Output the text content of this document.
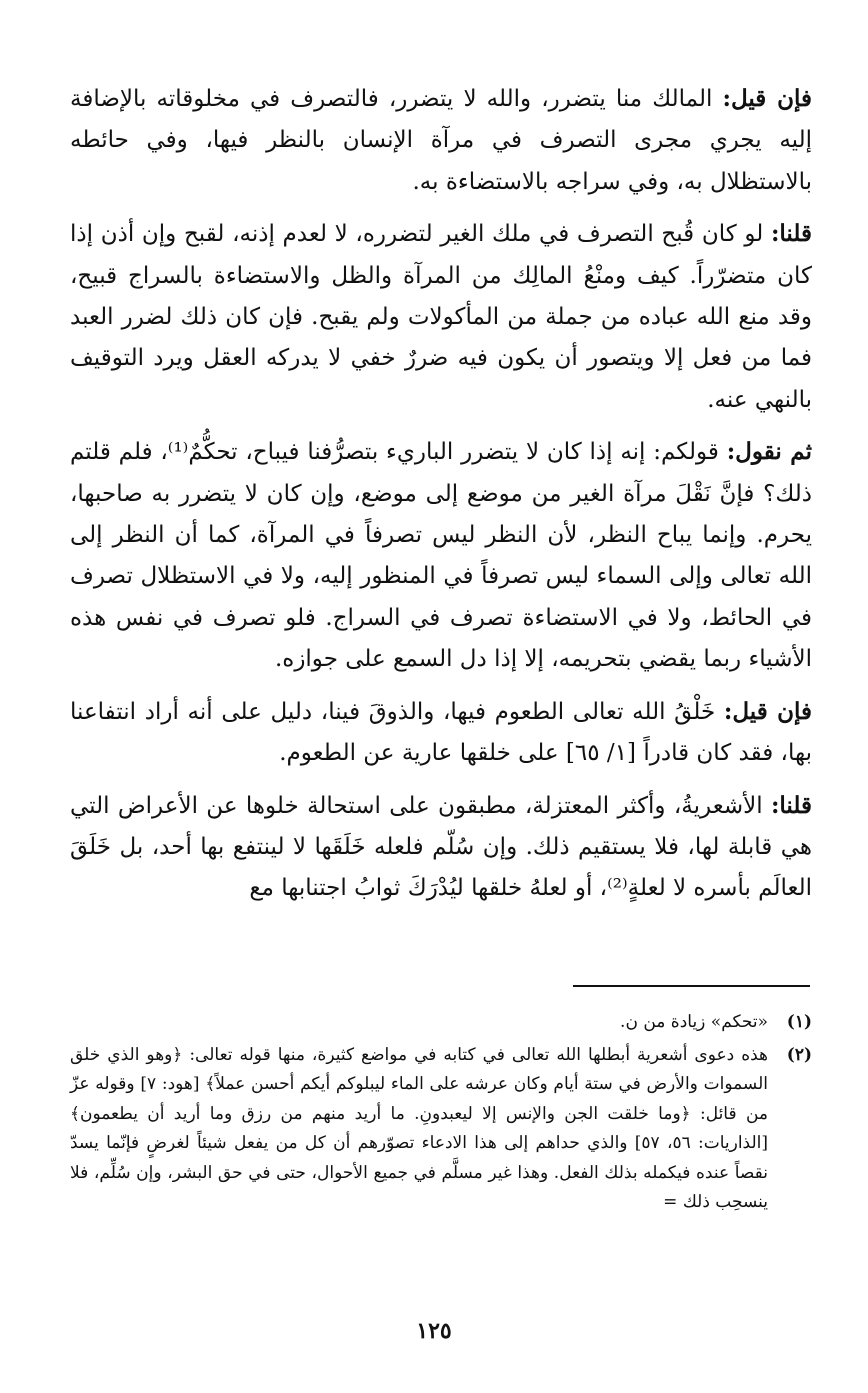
فإن قيل: المالك منا يتضرر، والله لا يتضرر، فالتصرف في مخلوقاته بالإضافة إليه يجري مجرى التصرف في مرآة الإنسان بالنظر فيها، وفي حائطه بالاستظلال به، وفي سراجه بالاستضاءة به.

قلنا: لو كان قُبح التصرف في ملك الغير لتضرره، لا لعدم إذنه، لقبح وإن أذن إذا كان متضرّراً. كيف ومنْعُ المالِك من المرآة والظل والاستضاءة بالسراج قبيح، وقد منع الله عباده من جملة من المأكولات ولم يقبح. فإن كان ذلك لضرر العبد فما من فعل إلا ويتصور أن يكون فيه ضررٌ خفي لا يدركه العقل ويرد التوقيف بالنهي عنه.

ثم نقول: قولكم: إنه إذا كان لا يتضرر الباريء بتصرُّفنا فيباح، تحكُّمٌ⁽¹⁾، فلم قلتم ذلك؟ فإنَّ نَقْلَ مرآة الغير من موضع إلى موضع، وإن كان لا يتضرر به صاحبها، يحرم. وإنما يباح النظر، لأن النظر ليس تصرفاً في المرآة، كما أن النظر إلى الله تعالى وإلى السماء ليس تصرفاً في المنظور إليه، ولا في الاستظلال تصرف في الحائط، ولا في الاستضاءة تصرف في السراج. فلو تصرف في نفس هذه الأشياء ربما يقضي بتحريمه، إلا إذا دل السمع على جوازه.

فإن قيل: خَلْقُ الله تعالى الطعوم فيها، والذوقَ فينا، دليل على أنه أراد انتفاعنا بها، فقد كان قادراً [١/ ٦٥] على خلقها عارية عن الطعوم.

قلنا: الأشعريةُ، وأكثر المعتزلة، مطبقون على استحالة خلوها عن الأعراض التي هي قابلة لها، فلا يستقيم ذلك. وإن سُلّم فلعله خَلَقَها لا لينتفع بها أحد، بل خَلَقَ العالَم بأسره لا لعلةٍ⁽²⁾، أو لعلهُ خلقها ليُدْرَكَ ثوابُ اجتنابها مع

(١)
«تحكم» زيادة من ن.
(٢)
هذه دعوى أشعرية أبطلها الله تعالى في كتابه في مواضع كثيرة، منها قوله تعالى: ﴿وهو الذي خلق السموات والأرض في ستة أيام وكان عرشه على الماء ليبلوكم أيكم أحسن عملاً﴾ [هود: ٧] وقوله عزّ من قائل: ﴿وما خلقت الجن والإنس إلا ليعبدونِ. ما أريد منهم من رزق وما أريد أن يطعمون﴾ [الذاريات: ٥٦، ٥٧] والذي حداهم إلى هذا الادعاء تصوّرهم أن كل من يفعل شيئاً لغرضٍ فإنّما يسدّ نقصاً عنده فيكمله بذلك الفعل. وهذا غير مسلَّم في جميع الأحوال، حتى في حق البشر، وإن سُلِّم، فلا ينسحِب ذلك =
١٢٥
